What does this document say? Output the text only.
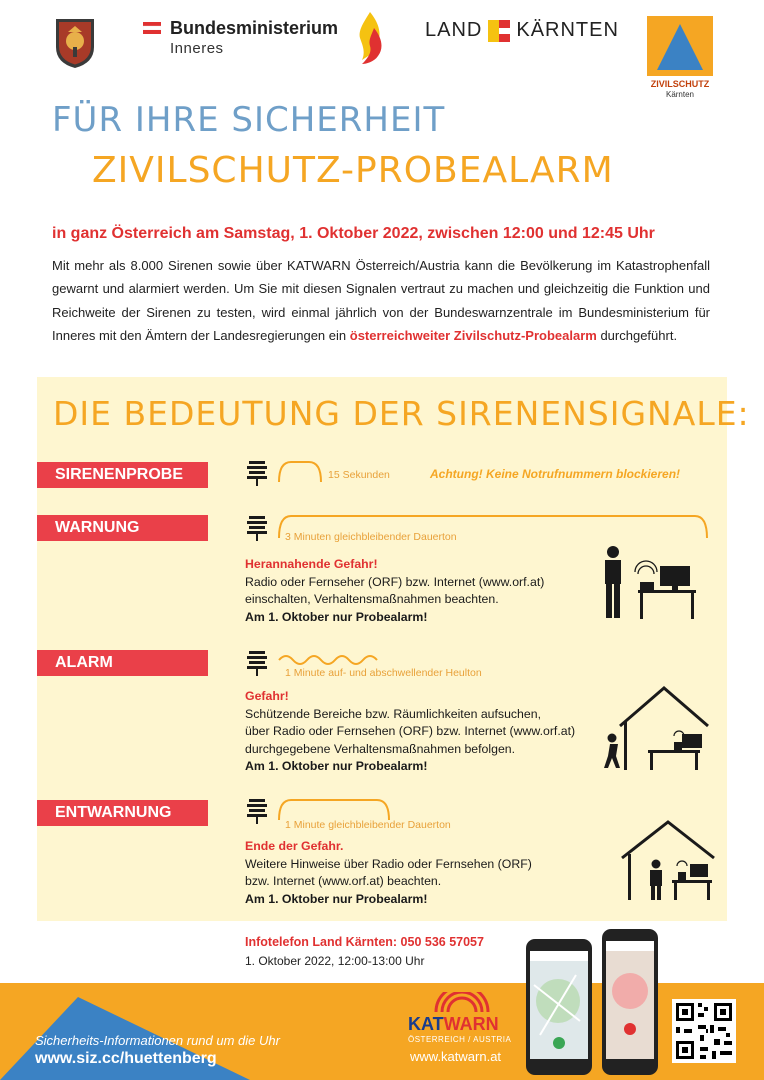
Bundesministerium
Inneres
LAND KÄRNTEN
ZIVILSCHUTZ
Kärnten
FÜR IHRE SICHERHEIT
ZIVILSCHUTZ-PROBEALARM
in ganz Österreich am Samstag, 1. Oktober 2022, zwischen 12:00 und 12:45 Uhr

Mit mehr als 8.000 Sirenen sowie über KATWARN Österreich/Austria kann die Bevölkerung im Katastrophenfall gewarnt und alarmiert werden. Um Sie mit diesen Signalen vertraut zu machen und gleichzeitig die Funktion und Reichweite der Sirenen zu testen, wird einmal jährlich von der Bundeswarnzentrale im Bundesministerium für Inneres mit den Ämtern der Landesregierungen ein österreichweiter Zivilschutz-Probealarm durchgeführt.

DIE BEDEUTUNG DER SIRENENSIGNALE:
SIRENENPROBE	15 Sekunden	Achtung! Keine Notrufnummern blockieren!
WARNUNG
3 Minuten gleichbleibender Dauerton
Herannahende Gefahr!
Radio oder Fernseher (ORF) bzw. Internet (www.orf.at)
einschalten, Verhaltensmaßnahmen beachten.
Am 1. Oktober nur Probealarm!
ALARM
1 Minute auf- und abschwellender Heulton
Gefahr!
Schützende Bereiche bzw. Räumlichkeiten aufsuchen,
über Radio oder Fernsehen (ORF) bzw. Internet (www.orf.at)
durchgegebene Verhaltensmaßnahmen befolgen.
Am 1. Oktober nur Probealarm!
ENTWARNUNG
1 Minute gleichbleibender Dauerton
Ende der Gefahr.
Weitere Hinweise über Radio oder Fernsehen (ORF)
bzw. Internet (www.orf.at) beachten.
Am 1. Oktober nur Probealarm!
Infotelefon Land Kärnten: 050 536 57057
1. Oktober 2022, 12:00-13:00 Uhr
Sicherheits-Informationen rund um die Uhr
www.siz.cc/huettenberg
KATWARN
ÖSTERREICH / AUSTRIA
www.katwarn.at
